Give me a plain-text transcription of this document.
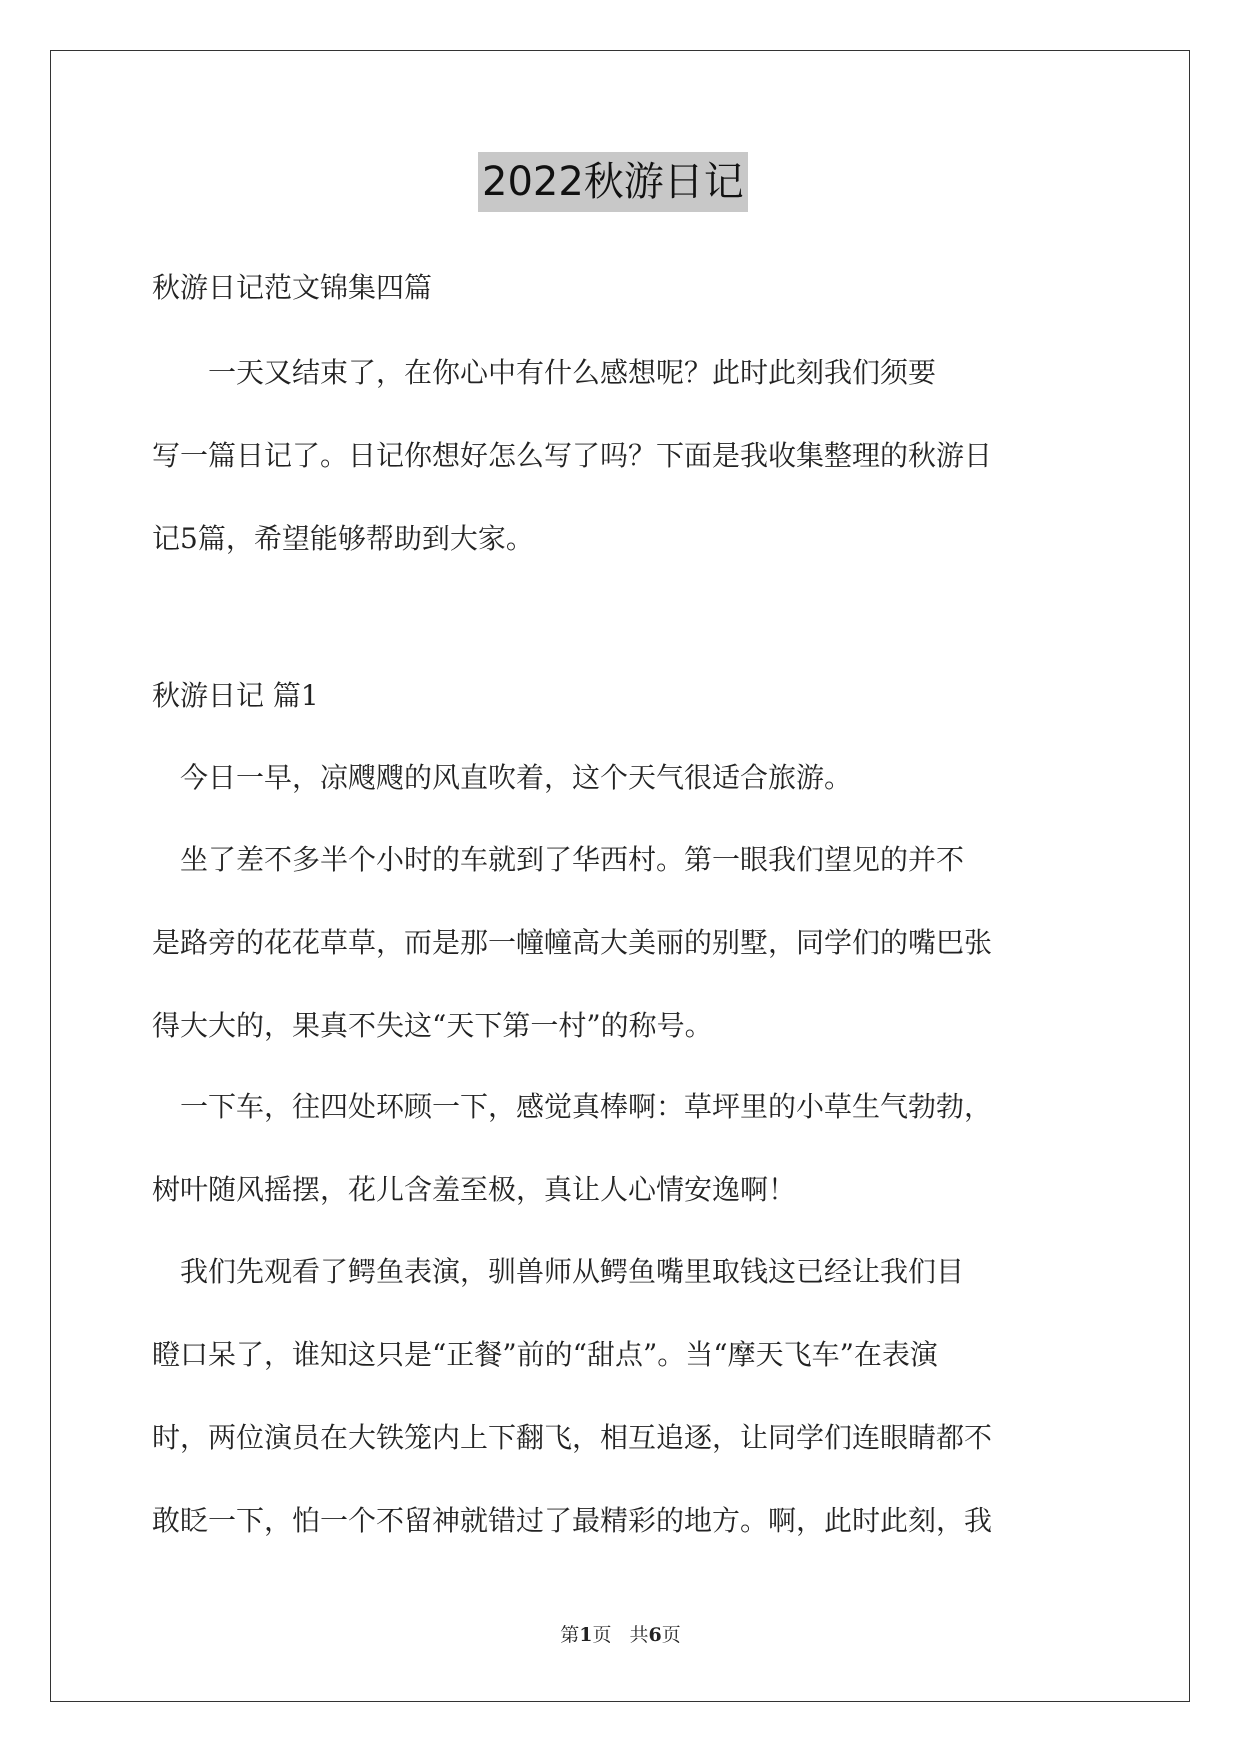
2022秋游日记
秋游日记范文锦集四篇
　　一天又结束了，在你心中有什么感想呢？此时此刻我们须要
写一篇日记了。日记你想好怎么写了吗？下面是我收集整理的秋游日
记5篇，希望能够帮助到大家。
秋游日记 篇1
　今日一早，凉飕飕的风直吹着，这个天气很适合旅游。
　坐了差不多半个小时的车就到了华西村。第一眼我们望见的并不
是路旁的花花草草，而是那一幢幢高大美丽的别墅，同学们的嘴巴张
得大大的，果真不失这“天下第一村”的称号。
　一下车，往四处环顾一下，感觉真棒啊：草坪里的小草生气勃勃，
树叶随风摇摆，花儿含羞至极，真让人心情安逸啊！
　我们先观看了鳄鱼表演，驯兽师从鳄鱼嘴里取钱这已经让我们目
瞪口呆了，谁知这只是“正餐”前的“甜点”。当“摩天飞车”在表演
时，两位演员在大铁笼内上下翻飞，相互追逐，让同学们连眼睛都不
敢眨一下，怕一个不留神就错过了最精彩的地方。啊，此时此刻，我
第1页 共6页
